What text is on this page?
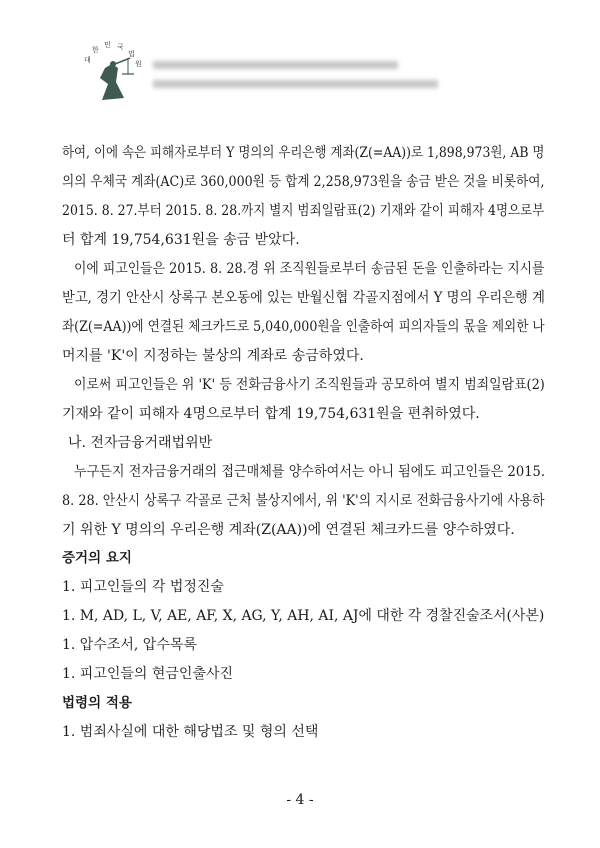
대
한
민 국
법
원
하여, 이에 속은 피해자로부터 Y 명의의 우리은행 계좌(Z(=AA))로 1,898,973원, AB 명
의의 우체국 계좌(AC)로 360,000원 등 합계 2,258,973원을 송금 받은 것을 비롯하여,
2015. 8. 27.부터 2015. 8. 28.까지 별지 범죄일람표(2) 기재와 같이 피해자 4명으로부
터 합계 19,754,631원을 송금 받았다.
이에 피고인들은 2015. 8. 28.경 위 조직원들로부터 송금된 돈을 인출하라는 지시를
받고, 경기 안산시 상록구 본오동에 있는 반월신협 각골지점에서 Y 명의 우리은행 계
좌(Z(=AA))에 연결된 체크카드로 5,040,000원을 인출하여 피의자들의 몫을 제외한 나
머지를 'K'이 지정하는 불상의 계좌로 송금하였다.
이로써 피고인들은 위 'K' 등 전화금융사기 조직원들과 공모하여 별지 범죄일람표(2)
기재와 같이 피해자 4명으로부터 합계 19,754,631원을 편취하였다.
나. 전자금융거래법위반
누구든지 전자금융거래의 접근매체를 양수하여서는 아니 됨에도 피고인들은 2015.
8. 28. 안산시 상록구 각골로 근처 불상지에서, 위 'K'의 지시로 전화금융사기에 사용하
기 위한 Y 명의의 우리은행 계좌(Z(AA))에 연결된 체크카드를 양수하였다.
증거의 요지
1. 피고인들의 각 법정진술
1. M, AD, L, V, AE, AF, X, AG, Y, AH, AI, AJ에 대한 각 경찰진술조서(사본)
1. 압수조서, 압수목록
1. 피고인들의 현금인출사진
법령의 적용
1. 범죄사실에 대한 해당법조 및 형의 선택
- 4 -
